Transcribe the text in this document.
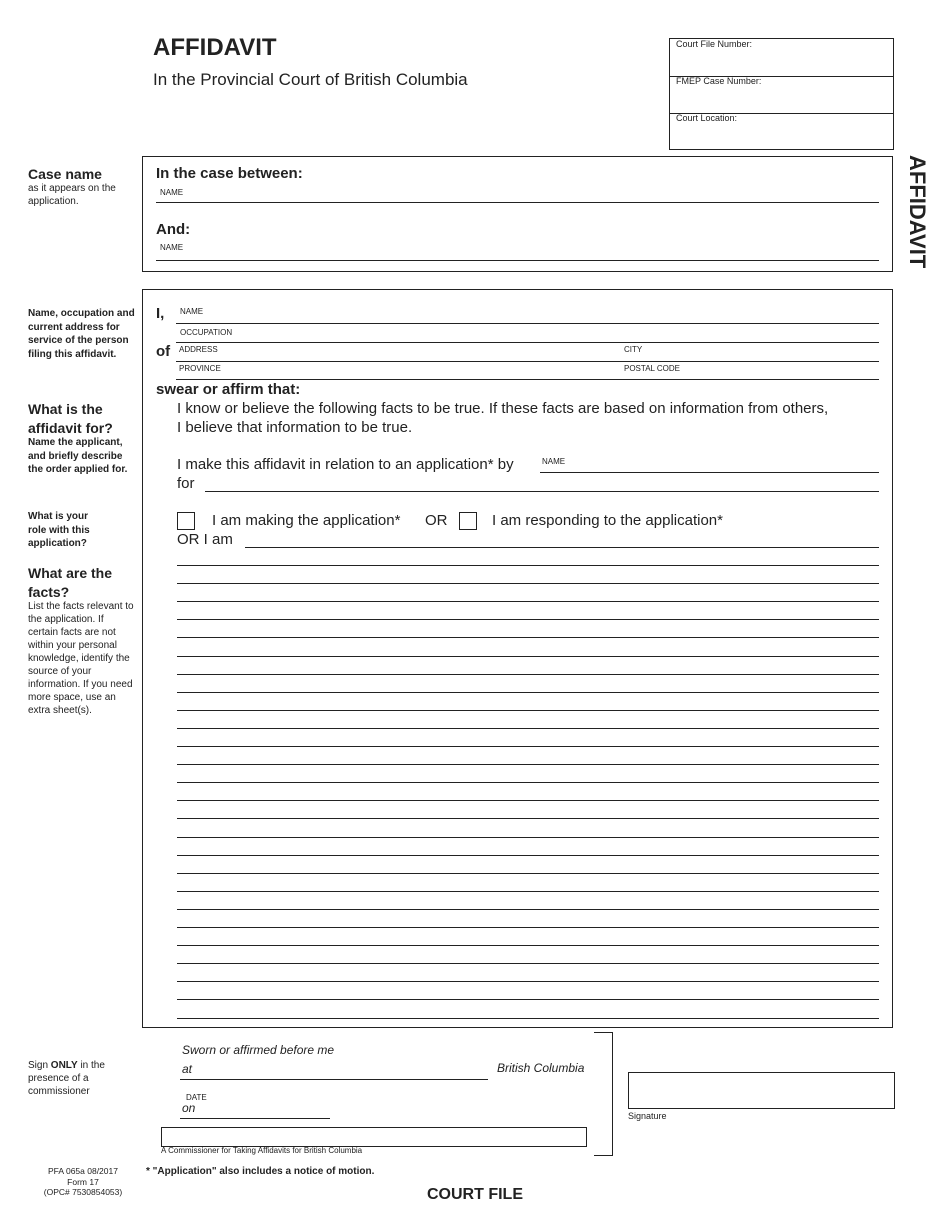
AFFIDAVIT
In the Provincial Court of British Columbia
AFFIDAVIT
Court File Number:
FMEP Case Number:
Court Location:
Case name
as it appears on the application.
Name, occupation and current address for service of the person filing this affidavit.
What is the affidavit for?
Name the applicant, and briefly describe the order applied for.
What is your role with this application?
What are the facts?
List the facts relevant to the application. If certain facts are not within your personal knowledge, identify the source of your information. If you need more space, use an extra sheet(s).
Sign ONLY in the presence of a commissioner
In the case between:
NAME
And:
NAME
I, NAME
OCCUPATION
of ADDRESS	CITY
PROVINCE	POSTAL CODE
swear or affirm that:
I know or believe the following facts to be true. If these facts are based on information from others,
I believe that information to be true.
I make this affidavit in relation to an application* by	NAME
for
I am making the application* OR	I am responding to the application*
OR I am
Sworn or affirmed before me
at	British Columbia
DATE
on
A Commissioner for Taking Affidavits for British Columbia
Signature
PFA 065a 08/2017
Form 17
(OPC# 7530854053)
* "Application" also includes a notice of motion.
COURT FILE
